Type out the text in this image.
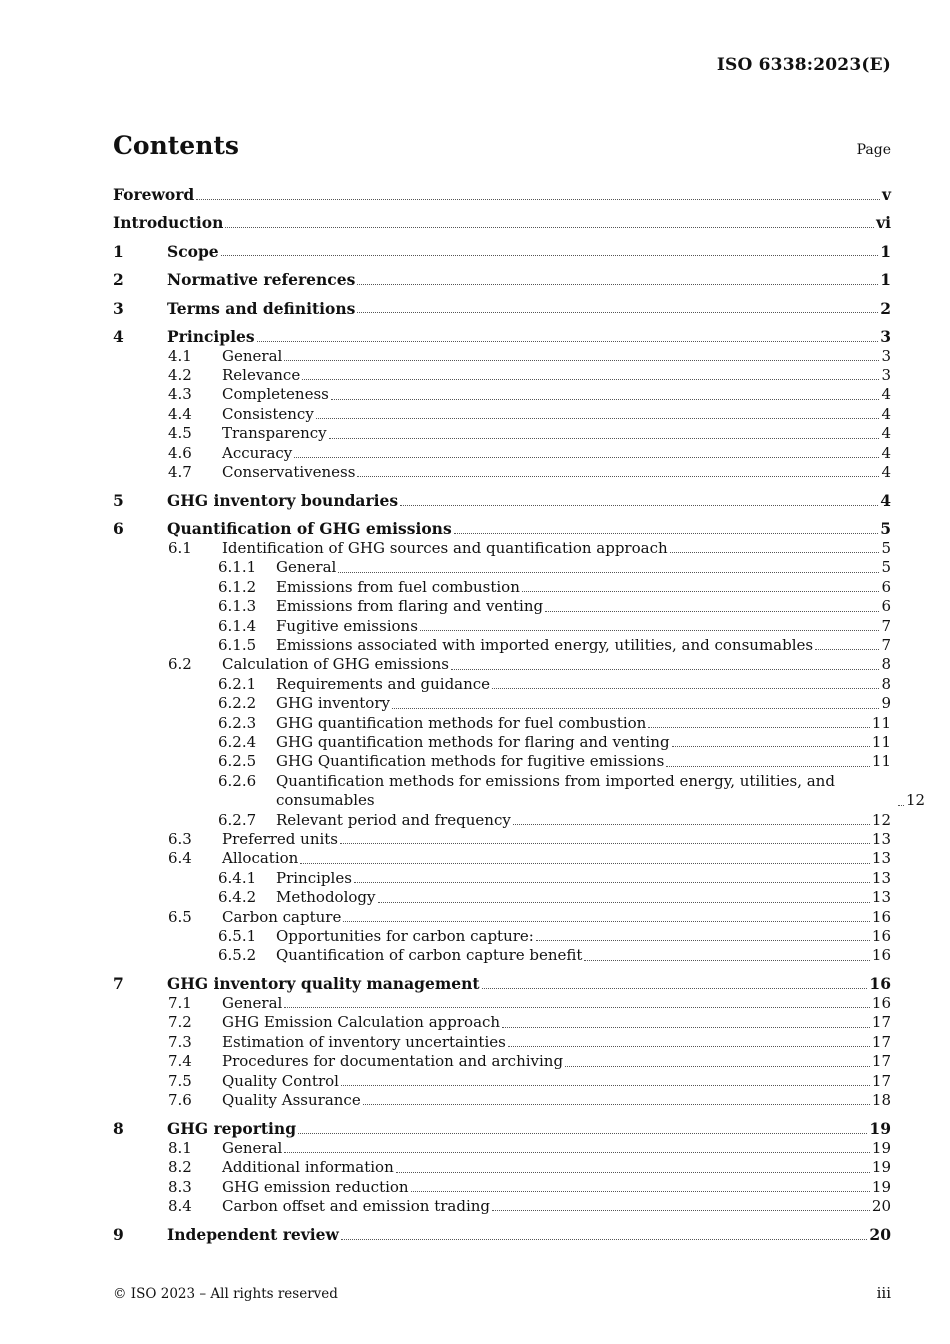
ISO 6338:2023(E)
Contents	Page
Foreword	v
Introduction	vi
1	Scope	1
2	Normative references	1
3	Terms and definitions	2
4	Principles	3
4.1 General	3
4.2 Relevance	3
4.3 Completeness	4
4.4 Consistency	4
4.5 Transparency	4
4.6 Accuracy	4
4.7 Conservativeness	4
5	GHG inventory boundaries	4
6	Quantification of GHG emissions	5
6.1 Identification of GHG sources and quantification approach	5
6.1.1 General	5
6.1.2 Emissions from fuel combustion	6
6.1.3 Emissions from flaring and venting	6
6.1.4 Fugitive emissions	7
6.1.5 Emissions associated with imported energy, utilities, and consumables	7
6.2 Calculation of GHG emissions	8
6.2.1 Requirements and guidance	8
6.2.2 GHG inventory	9
6.2.3 GHG quantification methods for fuel combustion	11
6.2.4 GHG quantification methods for flaring and venting	11
6.2.5 GHG Quantification methods for fugitive emissions	11
6.2.6 Quantification methods for emissions from imported energy, utilities, and consumables	12
6.2.7 Relevant period and frequency	12
6.3 Preferred units	13
6.4 Allocation	13
6.4.1 Principles	13
6.4.2 Methodology	13
6.5 Carbon capture	16
6.5.1 Opportunities for carbon capture:	16
6.5.2 Quantification of carbon capture benefit	16
7	GHG inventory quality management	16
7.1 General	16
7.2 GHG Emission Calculation approach	17
7.3 Estimation of inventory uncertainties	17
7.4 Procedures for documentation and archiving	17
7.5 Quality Control	17
7.6 Quality Assurance	18
8	GHG reporting	19
8.1 General	19
8.2 Additional information	19
8.3 GHG emission reduction	19
8.4 Carbon offset and emission trading	20
9	Independent review	20
© ISO 2023 – All rights reserved	iii
